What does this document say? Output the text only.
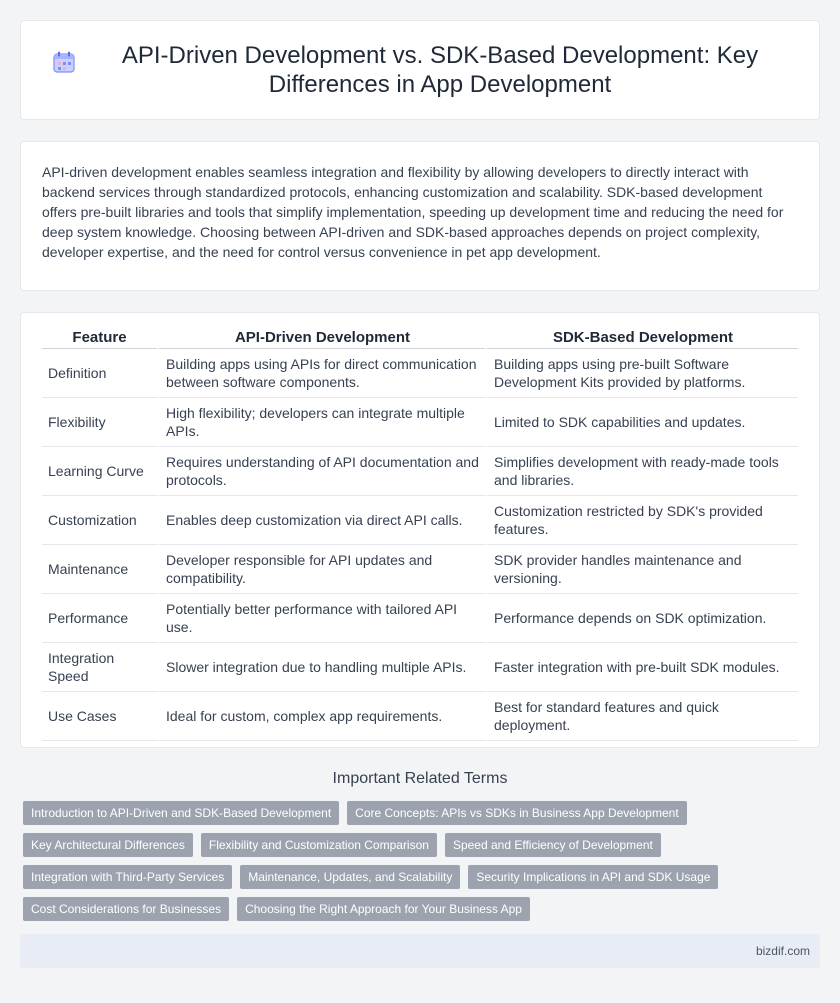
API-Driven Development vs. SDK-Based Development: Key Differences in App Development

API-driven development enables seamless integration and flexibility by allowing developers to directly interact with backend services through standardized protocols, enhancing customization and scalability. SDK-based development offers pre-built libraries and tools that simplify implementation, speeding up development time and reducing the need for deep system knowledge. Choosing between API-driven and SDK-based approaches depends on project complexity, developer expertise, and the need for control versus convenience in pet app development.

Feature	API-Driven Development	SDK-Based Development
Definition	Building apps using APIs for direct communication between software components.	Building apps using pre-built Software Development Kits provided by platforms.
Flexibility	High flexibility; developers can integrate multiple APIs.	Limited to SDK capabilities and updates.
Learning Curve	Requires understanding of API documentation and protocols.	Simplifies development with ready-made tools and libraries.
Customization	Enables deep customization via direct API calls.	Customization restricted by SDK's provided features.
Maintenance	Developer responsible for API updates and compatibility.	SDK provider handles maintenance and versioning.
Performance	Potentially better performance with tailored API use.	Performance depends on SDK optimization.
Integration Speed	Slower integration due to handling multiple APIs.	Faster integration with pre-built SDK modules.
Use Cases	Ideal for custom, complex app requirements.	Best for standard features and quick deployment.
Important Related Terms
Introduction to API-Driven and SDK-Based Development	Core Concepts: APIs vs SDKs in Business App Development
Key Architectural Differences	Flexibility and Customization Comparison	Speed and Efficiency of Development
Integration with Third-Party Services	Maintenance, Updates, and Scalability	Security Implications in API and SDK Usage
Cost Considerations for Businesses	Choosing the Right Approach for Your Business App
bizdif.com
